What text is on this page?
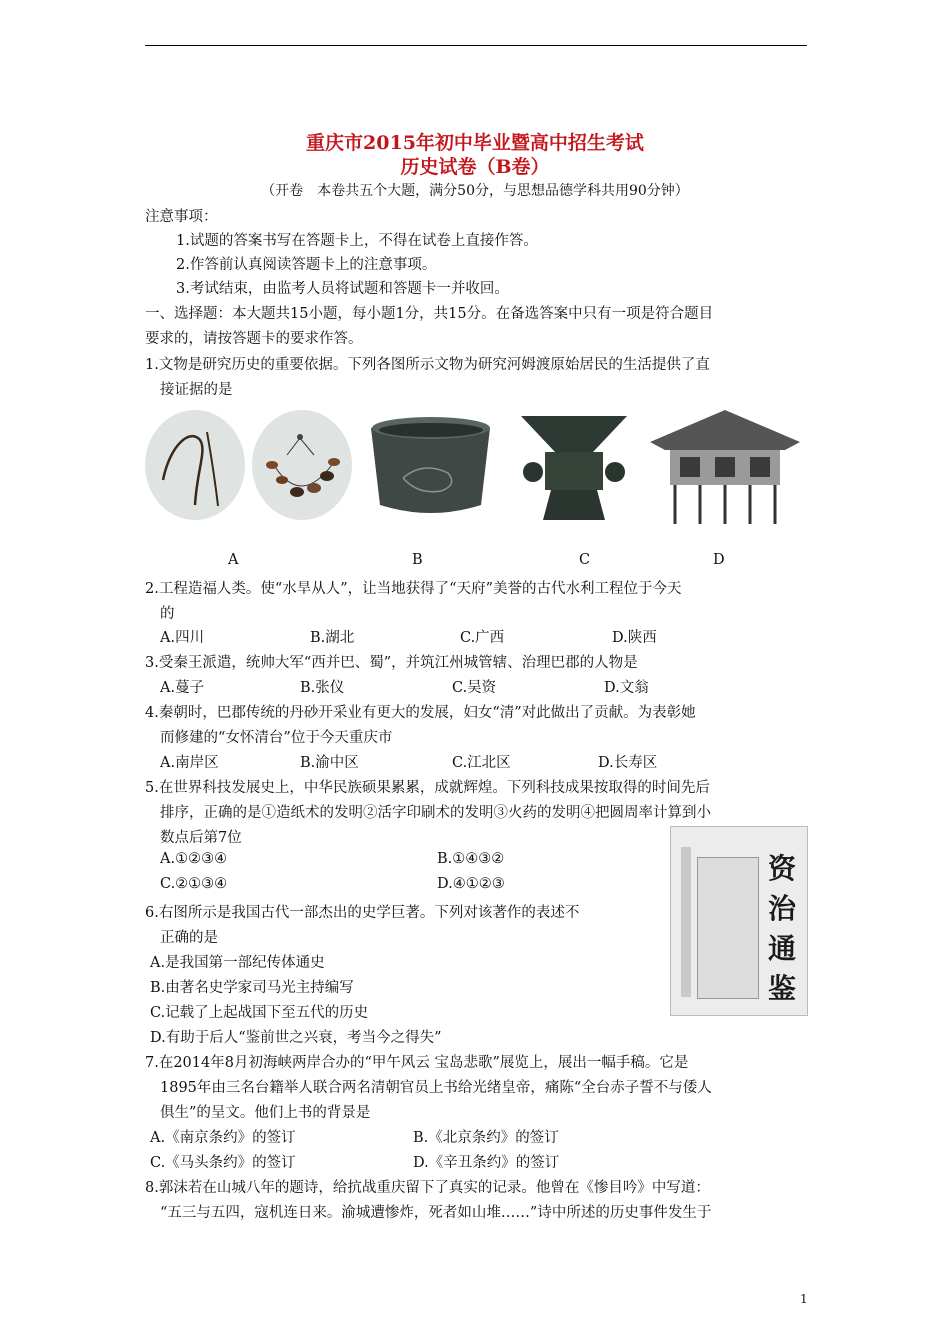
重庆市2015年初中毕业暨高中招生考试
历史试卷（B卷）
（开卷　本卷共五个大题，满分50分，与思想品德学科共用90分钟）
注意事项：
1.试题的答案书写在答题卡上，不得在试卷上直接作答。
2.作答前认真阅读答题卡上的注意事项。
3.考试结束，由监考人员将试题和答题卡一并收回。
一、选择题：本大题共15小题，每小题1分，共15分。在备选答案中只有一项是符合题目
要求的，请按答题卡的要求作答。
1.文物是研究历史的重要依据。下列各图所示文物为研究河姆渡原始居民的生活提供了直
接证据的是
A	B	C	D
2.工程造福人类。使“水旱从人”，让当地获得了“天府”美誉的古代水利工程位于今天
的
A.四川	B.湖北	C.广西	D.陕西
3.受秦王派遣，统帅大军“西并巴、蜀”，并筑江州城管辖、治理巴郡的人物是
A.蔓子	B.张仪	C.吴资	D.文翁
4.秦朝时，巴郡传统的丹砂开采业有更大的发展，妇女“清”对此做出了贡献。为表彰她
而修建的“女怀清台”位于今天重庆市
A.南岸区	B.渝中区	C.江北区	D.长寿区
5.在世界科技发展史上，中华民族硕果累累，成就辉煌。下列科技成果按取得的时间先后
排序，正确的是①造纸术的发明②活字印刷术的发明③火药的发明④把圆周率计算到小
数点后第7位
A.①②③④	B.①④③②
C.②①③④	D.④①②③	资
治
通
鉴
6.右图所示是我国古代一部杰出的史学巨著。下列对该著作的表述不
正确的是
A.是我国第一部纪传体通史
B.由著名史学家司马光主持编写
C.记载了上起战国下至五代的历史
D.有助于后人“鉴前世之兴衰，考当今之得失”
7.在2014年8月初海峡两岸合办的“甲午风云 宝岛悲歌”展览上，展出一幅手稿。它是
1895年由三名台籍举人联合两名清朝官员上书给光绪皇帝，痛陈“全台赤子誓不与倭人
俱生”的呈文。他们上书的背景是
A.《南京条约》的签订	B.《北京条约》的签订
C.《马头条约》的签订	D.《辛丑条约》的签订
8.郭沫若在山城八年的题诗，给抗战重庆留下了真实的记录。他曾在《惨目吟》中写道：
“五三与五四，寇机连日来。渝城遭惨炸，死者如山堆……”诗中所述的历史事件发生于
1
